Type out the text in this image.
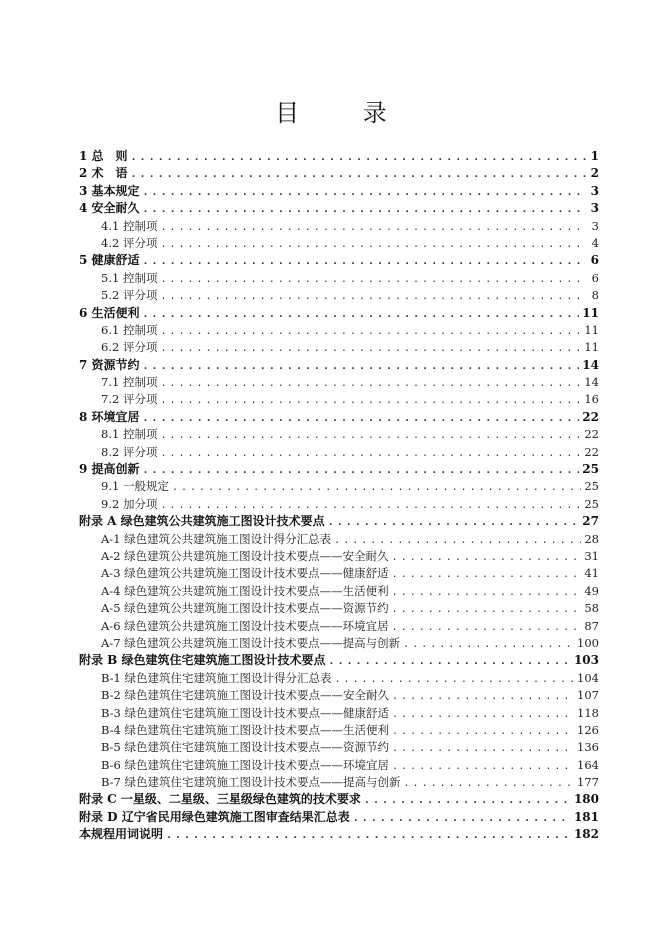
目 录
1 总　则 .....	1
2 术　语 .....	2
3 基本规定 .....	3
4 安全耐久 .....	3
4.1 控制项 .....	3
4.2 评分项 .....	4
5 健康舒适 .....	6
5.1 控制项 .....	6
5.2 评分项 .....	8
6 生活便利 .....	11
6.1 控制项 .....	11
6.2 评分项 .....	11
7 资源节约 .....	14
7.1 控制项 .....	14
7.2 评分项 .....	16
8 环境宜居 .....	22
8.1 控制项 .....	22
8.2 评分项 .....	22
9 提高创新 .....	25
9.1 一般规定 .....	25
9.2 加分项 .....	25
附录 A 绿色建筑公共建筑施工图设计技术要点 .....	27
A-1 绿色建筑公共建筑施工图设计得分汇总表 .....	28
A-2 绿色建筑公共建筑施工图设计技术要点——安全耐久 .....	31
A-3 绿色建筑公共建筑施工图设计技术要点——健康舒适 .....	41
A-4 绿色建筑公共建筑施工图设计技术要点——生活便利 .....	49
A-5 绿色建筑公共建筑施工图设计技术要点——资源节约 .....	58
A-6 绿色建筑公共建筑施工图设计技术要点——环境宜居 .....	87
A-7 绿色建筑公共建筑施工图设计技术要点——提高与创新 .....	100
附录 B 绿色建筑住宅建筑施工图设计技术要点 .....	103
B-1 绿色建筑住宅建筑施工图设计得分汇总表 .....	104
B-2 绿色建筑住宅建筑施工图设计技术要点——安全耐久 .....	107
B-3 绿色建筑住宅建筑施工图设计技术要点——健康舒适 .....	118
B-4 绿色建筑住宅建筑施工图设计技术要点——生活便利 .....	126
B-5 绿色建筑住宅建筑施工图设计技术要点——资源节约 .....	136
B-6 绿色建筑住宅建筑施工图设计技术要点——环境宜居 .....	164
B-7 绿色建筑住宅建筑施工图设计技术要点——提高与创新 .....	177
附录 C 一星级、二星级、三星级绿色建筑的技术要求 .....	180
附录 D 辽宁省民用绿色建筑施工图审查结果汇总表 .....	181
本规程用词说明 .....	182
